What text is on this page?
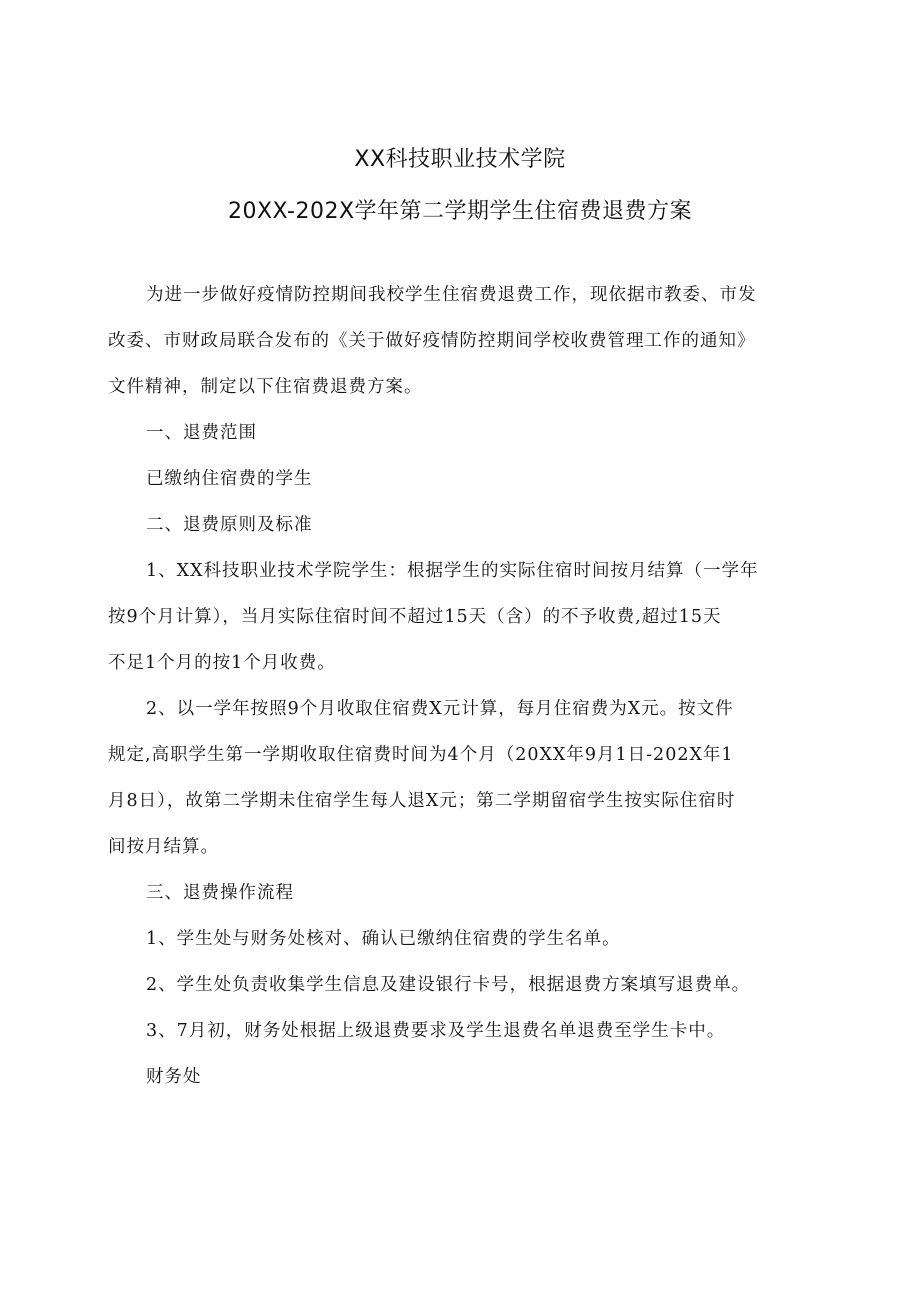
XX科技职业技术学院
20XX-202X学年第二学期学生住宿费退费方案
为进一步做好疫情防控期间我校学生住宿费退费工作，现依据市教委、市发
改委、市财政局联合发布的《关于做好疫情防控期间学校收费管理工作的通知》
文件精神，制定以下住宿费退费方案。
一、退费范围
已缴纳住宿费的学生
二、退费原则及标准
1、XX科技职业技术学院学生：根据学生的实际住宿时间按月结算（一学年
按9个月计算），当月实际住宿时间不超过15天（含）的不予收费,超过15天
不足1个月的按1个月收费。
2、以一学年按照9个月收取住宿费X元计算，每月住宿费为X元。按文件
规定,高职学生第一学期收取住宿费时间为4个月（20XX年9月1日-202X年1
月8日），故第二学期未住宿学生每人退X元；第二学期留宿学生按实际住宿时
间按月结算。
三、退费操作流程
1、学生处与财务处核对、确认已缴纳住宿费的学生名单。
2、学生处负责收集学生信息及建设银行卡号，根据退费方案填写退费单。
3、7月初，财务处根据上级退费要求及学生退费名单退费至学生卡中。
财务处
